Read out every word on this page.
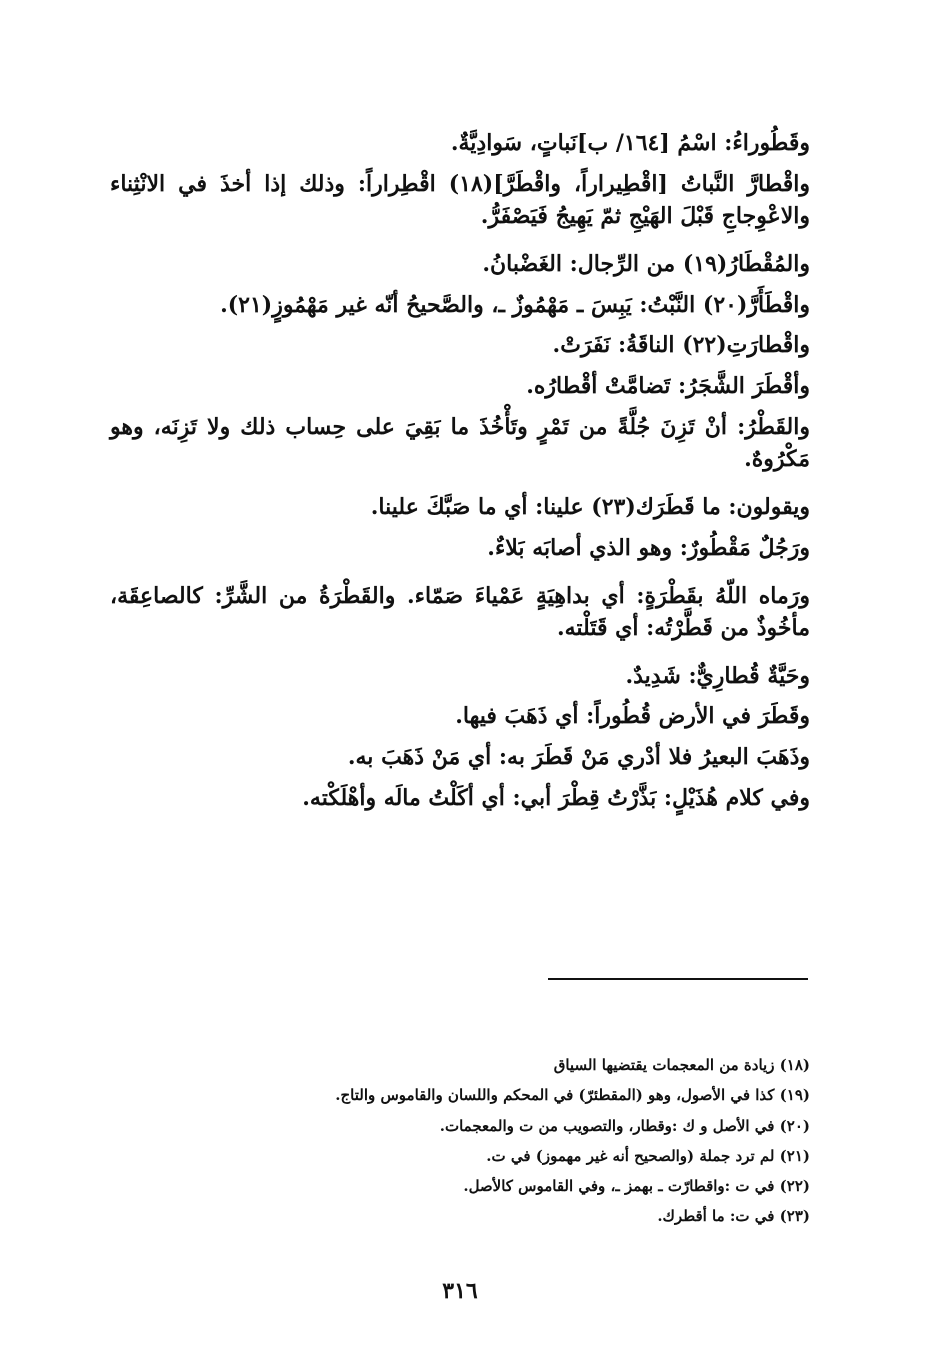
وقَطُوراءُ: اسْمُ [١٦٤/ ب]نَباتٍ، سَوادِيَّةٌ.

واقْطارَّ النَّباتُ [اقْطِيراراً، واقْطَرَّ](١٨) اقْطِراراً: وذلك إذا أخذَ في الانْثِناء والاعْوِجاجِ قَبْلَ الهَيْجِ ثمّ يَهِيجُ فَيَصْفَرُّ.

والمُقْطَارُ(١٩) من الرِّجال: الغَضْبانُ.

واقْطَأَرَّ(٢٠) النَّبْتُ: يَبِسَ ـ مَهْمُوزٌ ـ، والصَّحيحُ أنّه غير مَهْمُوزٍ(٢١).

واقْطارَتِ(٢٢) الناقَةُ: نَفَرَتْ.

وأقْطَرَ الشَّجَرُ: تَضامَّتْ أقْطارُه.

والقَطْرُ: أنْ تَزِنَ جُلَّةً من تَمْرٍ وتَأْخُذَ ما بَقِيَ على حِساب ذلك ولا تَزِنَه، وهو مَكْرُوهٌ.

ويقولون: ما قَطَرَك(٢٣) علينا: أي ما صَبَّكَ علينا.

ورَجُلٌ مَقْطُورٌ: وهو الذي أصابَه بَلاءٌ.

ورَماه اللّهُ بقَطْرَةٍ: أي بداهِيَةٍ عَمْياءَ صَمّاء. والقَطْرَةُ من الشَّرِّ: كالصاعِقَة، مأخُوذٌ من قَطَّرْتُه: أي قَتَلْته.

وحَيَّةٌ قُطارِيٌّ: شَدِيدٌ.

وقَطَرَ في الأرض قُطُوراً: أي ذَهَبَ فيها.

وذَهَبَ البعيرُ فلا أدْري مَنْ قَطَرَ به: أي مَنْ ذَهَبَ به.

وفي كلام هُذَيْلٍ: بَذَّرْتُ قِطْرَ أبي: أي أكَلْتُ مالَه وأهْلَكْته.

(١٨) زيادة من المعجمات يقتضيها السياق

(١٩) كذا في الأصول، وهو (المقطئرّ) في المحكم واللسان والقاموس والتاج.

(٢٠) في الأصل و ك :وقطار، والتصويب من ت والمعجمات.

(٢١) لم ترد جملة (والصحيح أنه غير مهموز) في ت.

(٢٢) في ت :واقطارّت ـ بهمز ـ، وفي القاموس كالأصل.

(٢٣) في ت: ما أقطرك.

٣١٦
